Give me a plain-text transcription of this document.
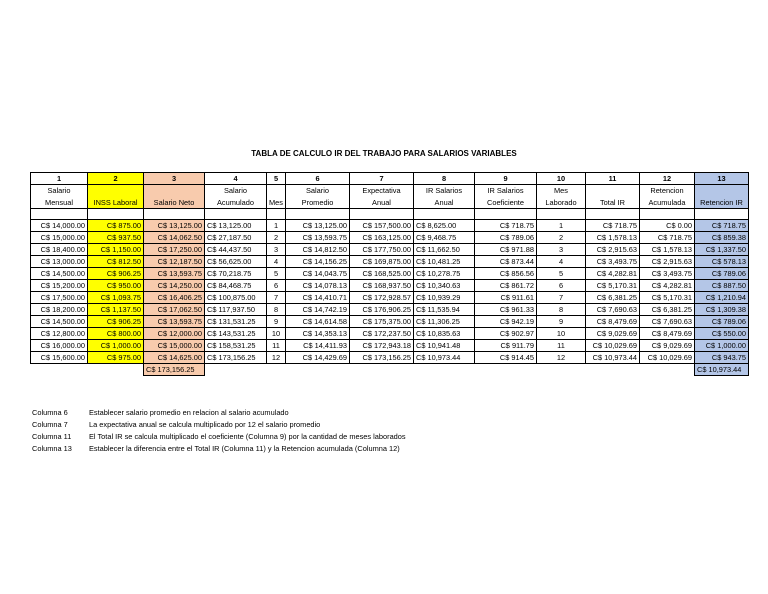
TABLA DE CALCULO IR DEL TRABAJO PARA SALARIOS VARIABLES
1	2	3	4	5	6	7	8	9	10	11	12	13
Salario			Salario		Salario	Expectativa	IR Salarios	IR Salarios	Mes		Retencion	
Mensual	INSS Laboral	Salario Neto	Acumulado	Mes	Promedio	Anual	Anual	Coeficiente	Laborado	Total IR	Acumulada	Retencion IR

C$ 14,000.00	C$ 875.00	C$ 13,125.00	C$ 13,125.00	1	C$ 13,125.00	C$ 157,500.00	C$ 8,625.00	C$ 718.75	1	C$ 718.75	C$ 0.00	C$ 718.75
C$ 15,000.00	C$ 937.50	C$ 14,062.50	C$ 27,187.50	2	C$ 13,593.75	C$ 163,125.00	C$ 9,468.75	C$ 789.06	2	C$ 1,578.13	C$ 718.75	C$ 859.38
C$ 18,400.00	C$ 1,150.00	C$ 17,250.00	C$ 44,437.50	3	C$ 14,812.50	C$ 177,750.00	C$ 11,662.50	C$ 971.88	3	C$ 2,915.63	C$ 1,578.13	C$ 1,337.50
C$ 13,000.00	C$ 812.50	C$ 12,187.50	C$ 56,625.00	4	C$ 14,156.25	C$ 169,875.00	C$ 10,481.25	C$ 873.44	4	C$ 3,493.75	C$ 2,915.63	C$ 578.13
C$ 14,500.00	C$ 906.25	C$ 13,593.75	C$ 70,218.75	5	C$ 14,043.75	C$ 168,525.00	C$ 10,278.75	C$ 856.56	5	C$ 4,282.81	C$ 3,493.75	C$ 789.06
C$ 15,200.00	C$ 950.00	C$ 14,250.00	C$ 84,468.75	6	C$ 14,078.13	C$ 168,937.50	C$ 10,340.63	C$ 861.72	6	C$ 5,170.31	C$ 4,282.81	C$ 887.50
C$ 17,500.00	C$ 1,093.75	C$ 16,406.25	C$ 100,875.00	7	C$ 14,410.71	C$ 172,928.57	C$ 10,939.29	C$ 911.61	7	C$ 6,381.25	C$ 5,170.31	C$ 1,210.94
C$ 18,200.00	C$ 1,137.50	C$ 17,062.50	C$ 117,937.50	8	C$ 14,742.19	C$ 176,906.25	C$ 11,535.94	C$ 961.33	8	C$ 7,690.63	C$ 6,381.25	C$ 1,309.38
C$ 14,500.00	C$ 906.25	C$ 13,593.75	C$ 131,531.25	9	C$ 14,614.58	C$ 175,375.00	C$ 11,306.25	C$ 942.19	9	C$ 8,479.69	C$ 7,690.63	C$ 789.06
C$ 12,800.00	C$ 800.00	C$ 12,000.00	C$ 143,531.25	10	C$ 14,353.13	C$ 172,237.50	C$ 10,835.63	C$ 902.97	10	C$ 9,029.69	C$ 8,479.69	C$ 550.00
C$ 16,000.00	C$ 1,000.00	C$ 15,000.00	C$ 158,531.25	11	C$ 14,411.93	C$ 172,943.18	C$ 10,941.48	C$ 911.79	11	C$ 10,029.69	C$ 9,029.69	C$ 1,000.00
C$ 15,600.00	C$ 975.00	C$ 14,625.00	C$ 173,156.25	12	C$ 14,429.69	C$ 173,156.25	C$ 10,973.44	C$ 914.45	12	C$ 10,973.44	C$ 10,029.69	C$ 943.75
		C$ 173,156.25										C$ 10,973.44
Columna 6	Establecer salario promedio en relacion al salario acumulado
Columna 7	La expectativa anual se calcula multiplicado por 12 el salario promedio
Columna 11	El Total IR se calcula multiplicado el coeficiente (Columna 9) por la cantidad de meses laborados
Columna 13	Establecer la diferencia entre el Total IR (Columna 11) y la Retencion acumulada (Columna 12)
